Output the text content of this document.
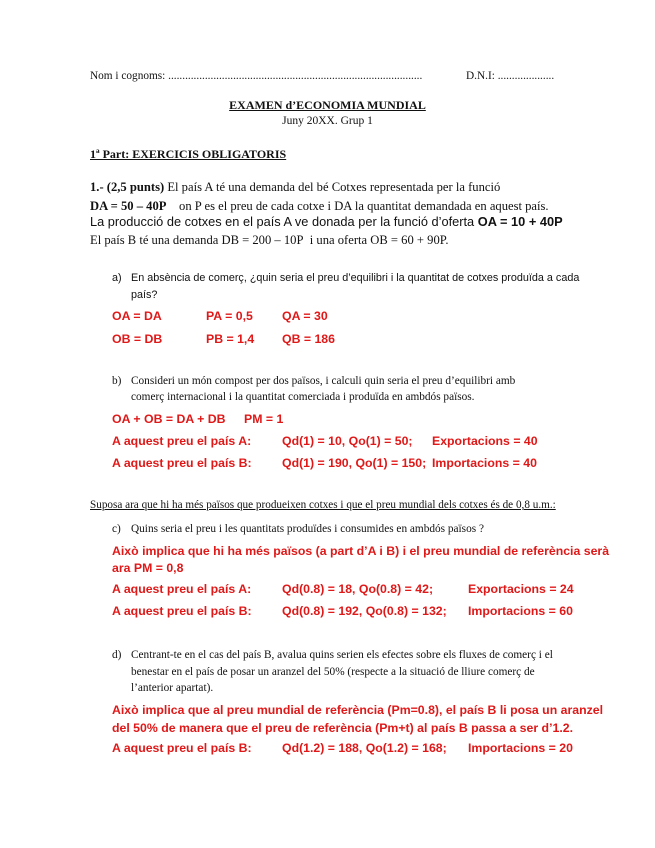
Nom i cognoms: ..........................................................................................	D.N.I: ....................
EXAMEN d’ECONOMIA MUNDIAL
Juny 20XX. Grup 1
1ª Part: EXERCICIS OBLIGATORIS
1.- (2,5 punts) El país A té una demanda del bé Cotxes representada per la funció
DA = 50 – 40P on P es el preu de cada cotxe i DA la quantitat demandada en aquest país.
La producció de cotxes en el país A ve donada per la funció d’oferta OA = 10 + 40P
El país B té una demanda DB = 200 – 10P i una oferta OB = 60 + 90P.
a) En absència de comerç, ¿quin seria el preu d’equilibri i la quantitat de cotxes produïda a cada
país?
OA = DA	PA = 0,5 QA = 30
OB = DB	PB = 1,4 QB = 186
b) Consideri un món compost per dos països, i calculi quin seria el preu d’equilibri amb
comerç internacional i la quantitat comerciada i produïda en ambdós països.
OA + OB = DA + DB PM = 1
A aquest preu el país A:	Qd(1) = 10, Qo(1) = 50; Exportacions = 40
A aquest preu el país B: Qd(1) = 190, Qo(1) = 150; Importacions = 40
Suposa ara que hi ha més països que produeixen cotxes i que el preu mundial dels cotxes és de 0,8 u.m.:
c) Quins seria el preu i les quantitats produïdes i consumides en ambdós països ?
Això implica que hi ha més països (a part d’A i B) i el preu mundial de referència serà
ara PM = 0,8
A aquest preu el país A:	Qd(0.8) = 18, Qo(0.8) = 42;	Exportacions = 24
A aquest preu el país B: Qd(0.8) = 192, Qo(0.8) = 132; Importacions = 60
d) Centrant-te en el cas del país B, avalua quins serien els efectes sobre els fluxes de comerç i el
benestar en el país de posar un aranzel del 50% (respecte a la situació de lliure comerç de
l’anterior apartat).
Això implica que al preu mundial de referència (Pm=0.8), el país B li posa un aranzel
del 50% de manera que el preu de referència (Pm+t) al país B passa a ser d’1.2.
A aquest preu el país B: Qd(1.2) = 188, Qo(1.2) = 168; Importacions = 20
